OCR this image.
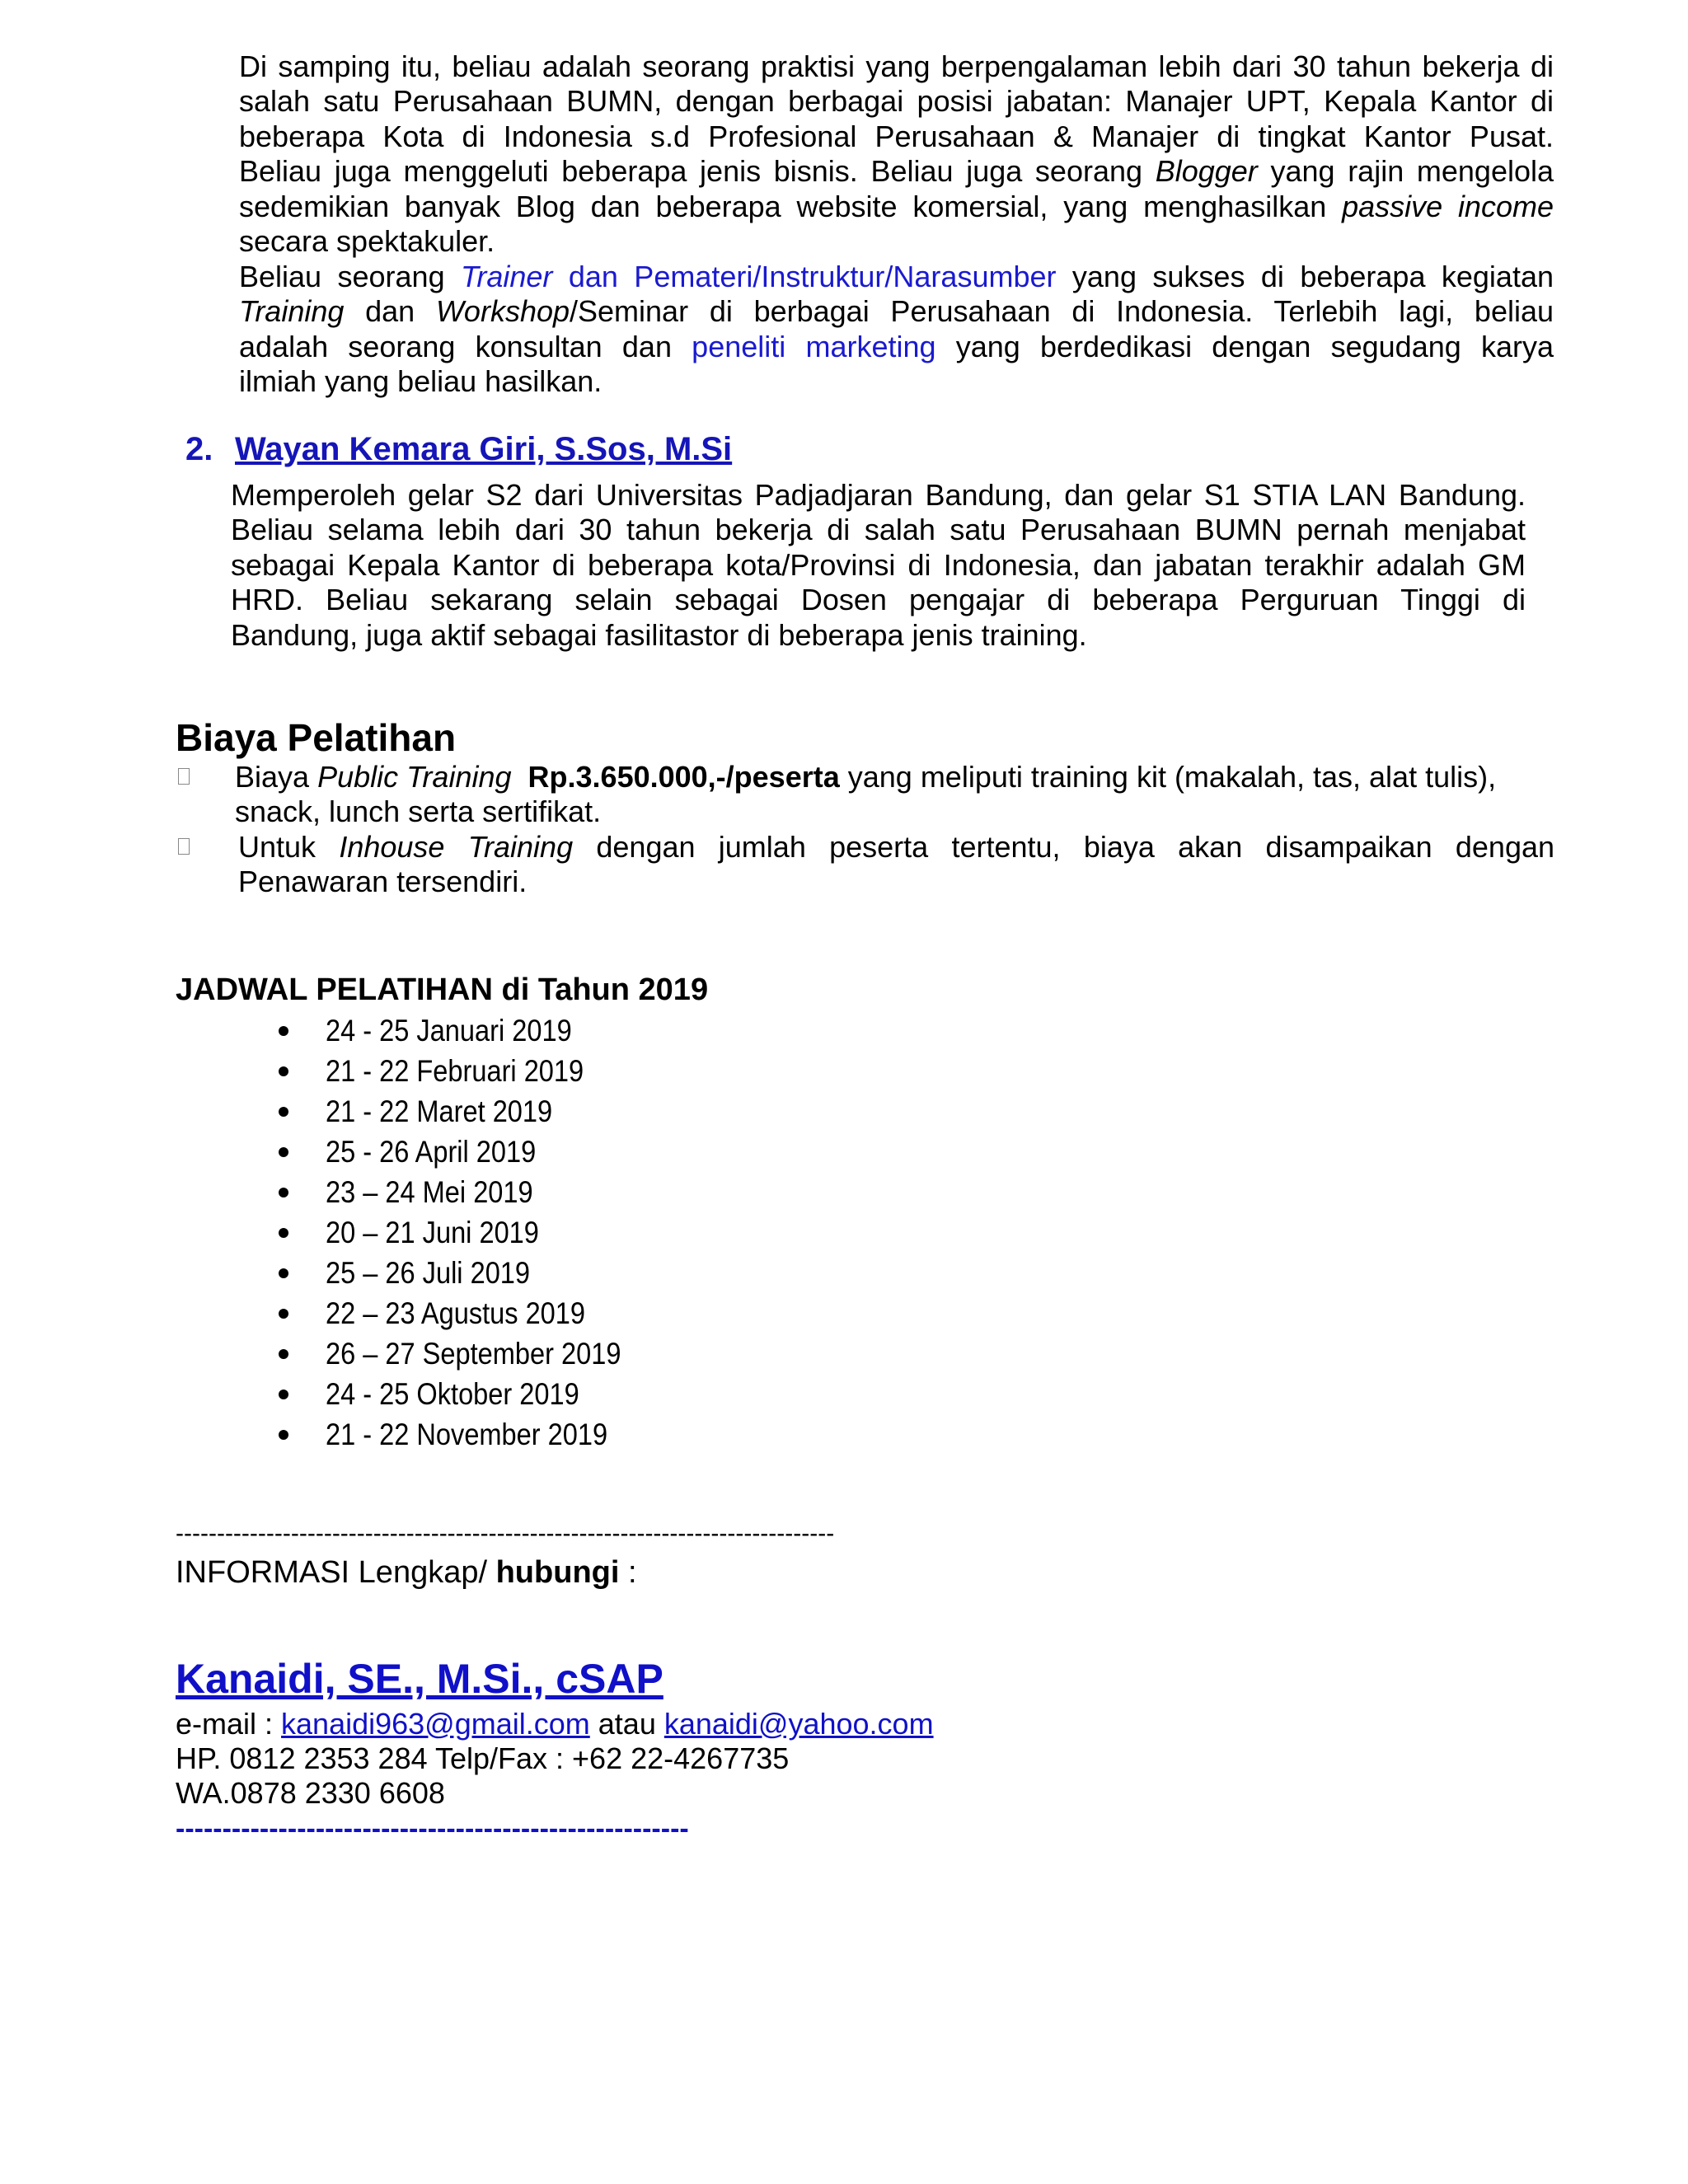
Di samping itu, beliau adalah seorang praktisi yang berpengalaman lebih dari 30 tahun bekerja di
salah satu Perusahaan BUMN, dengan berbagai posisi jabatan: Manajer UPT, Kepala Kantor di
beberapa Kota di Indonesia s.d Profesional Perusahaan & Manajer di tingkat Kantor Pusat.
Beliau juga menggeluti beberapa jenis bisnis. Beliau juga seorang Blogger yang rajin mengelola
sedemikian banyak Blog dan beberapa website komersial, yang menghasilkan passive income
secara spektakuler.
Beliau seorang Trainer dan Pemateri/Instruktur/Narasumber yang sukses di beberapa kegiatan
Training dan Workshop/Seminar di berbagai Perusahaan di Indonesia. Terlebih lagi, beliau
adalah seorang konsultan dan peneliti marketing yang berdedikasi dengan segudang karya
ilmiah yang beliau hasilkan.
2. Wayan Kemara Giri, S.Sos, M.Si
Memperoleh gelar S2 dari Universitas Padjadjaran Bandung, dan gelar S1 STIA LAN Bandung.
Beliau selama lebih dari 30 tahun bekerja di salah satu Perusahaan BUMN pernah menjabat
sebagai Kepala Kantor di beberapa kota/Provinsi di Indonesia, dan jabatan terakhir adalah GM
HRD. Beliau sekarang selain sebagai Dosen pengajar di beberapa Perguruan Tinggi di
Bandung, juga aktif sebagai fasilitastor di beberapa jenis training.
Biaya Pelatihan
Biaya Public Training Rp.3.650.000,-/peserta yang meliputi training kit (makalah, tas, alat tulis),
snack, lunch serta sertifikat.
Untuk Inhouse Training dengan jumlah peserta tertentu, biaya akan disampaikan dengan
Penawaran tersendiri.
JADWAL PELATIHAN di Tahun 2019
24 - 25 Januari 2019
21 - 22 Februari 2019
21 - 22 Maret 2019
25 - 26 April 2019
23 – 24 Mei 2019
20 – 21 Juni 2019
25 – 26 Juli 2019
22 – 23 Agustus 2019
26 – 27 September 2019
24 - 25 Oktober 2019
21 - 22 November 2019
--------------------------------------------------------------------------------
INFORMASI Lengkap/ hubungi :
Kanaidi, SE., M.Si., cSAP
e-mail : kanaidi963@gmail.com atau kanaidi@yahoo.com
HP. 0812 2353 284 Telp/Fax : +62 22-4267735
WA.0878 2330 6608
-------------------------------------------------------
